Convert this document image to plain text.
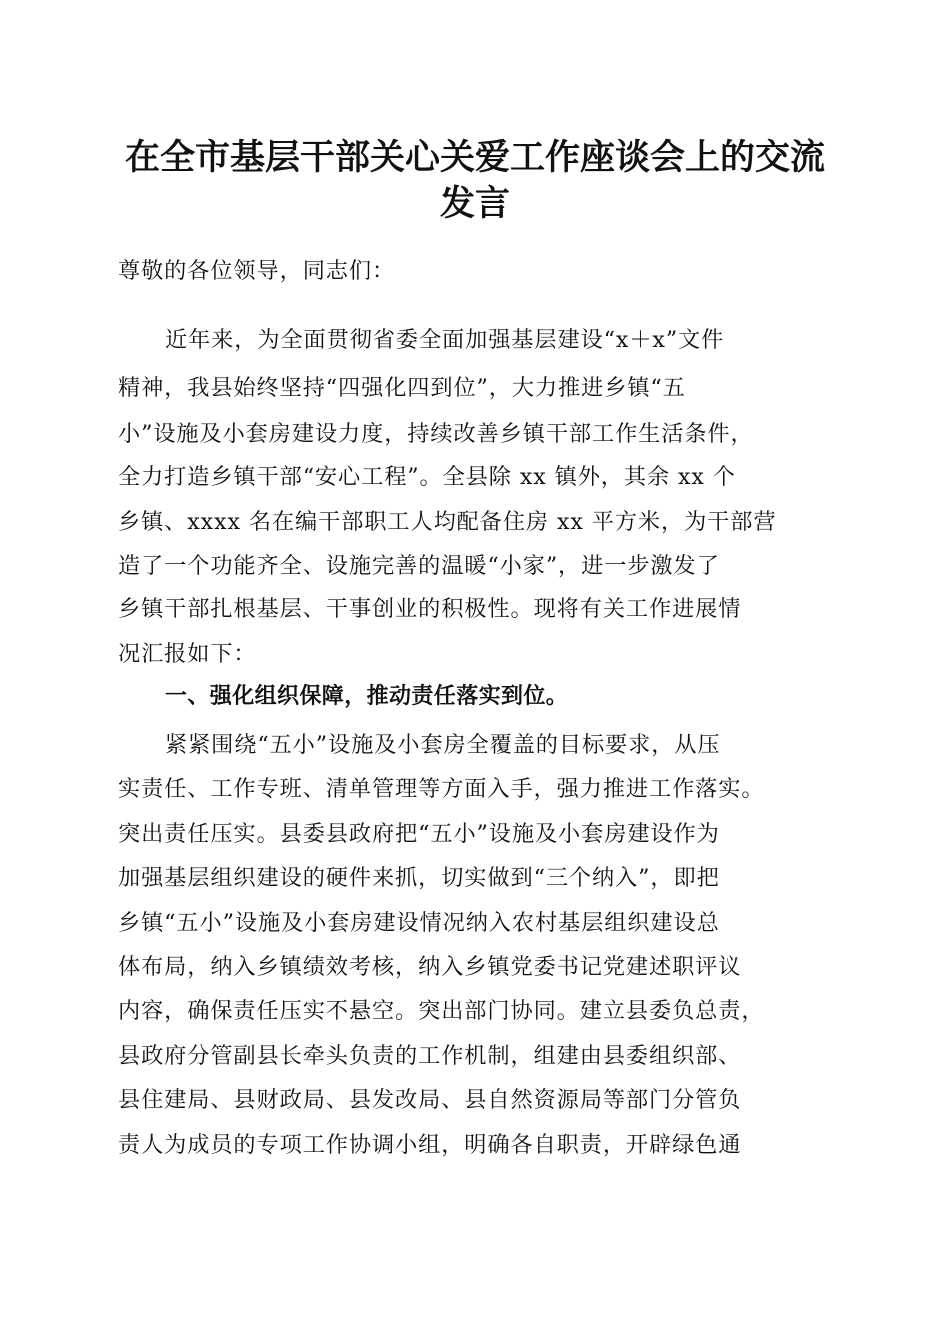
在全市基层干部关心关爱工作座谈会上的交流
发言
尊敬的各位领导，同志们：
近年来，为全面贯彻省委全面加强基层建设“x＋x”文件
精神，我县始终坚持“四强化四到位”，大力推进乡镇“五
小”设施及小套房建设力度，持续改善乡镇干部工作生活条件，
全力打造乡镇干部“安心工程”。全县除 xx 镇外，其余 xx 个
乡镇、xxxx 名在编干部职工人均配备住房 xx 平方米，为干部营
造了一个功能齐全、设施完善的温暖“小家”，进一步激发了
乡镇干部扎根基层、干事创业的积极性。现将有关工作进展情
况汇报如下：
一、强化组织保障，推动责任落实到位。
紧紧围绕“五小”设施及小套房全覆盖的目标要求，从压
实责任、工作专班、清单管理等方面入手，强力推进工作落实。
突出责任压实。县委县政府把“五小”设施及小套房建设作为
加强基层组织建设的硬件来抓，切实做到“三个纳入”，即把
乡镇“五小”设施及小套房建设情况纳入农村基层组织建设总
体布局，纳入乡镇绩效考核，纳入乡镇党委书记党建述职评议
内容，确保责任压实不悬空。突出部门协同。建立县委负总责，
县政府分管副县长牵头负责的工作机制，组建由县委组织部、
县住建局、县财政局、县发改局、县自然资源局等部门分管负
责人为成员的专项工作协调小组，明确各自职责，开辟绿色通
